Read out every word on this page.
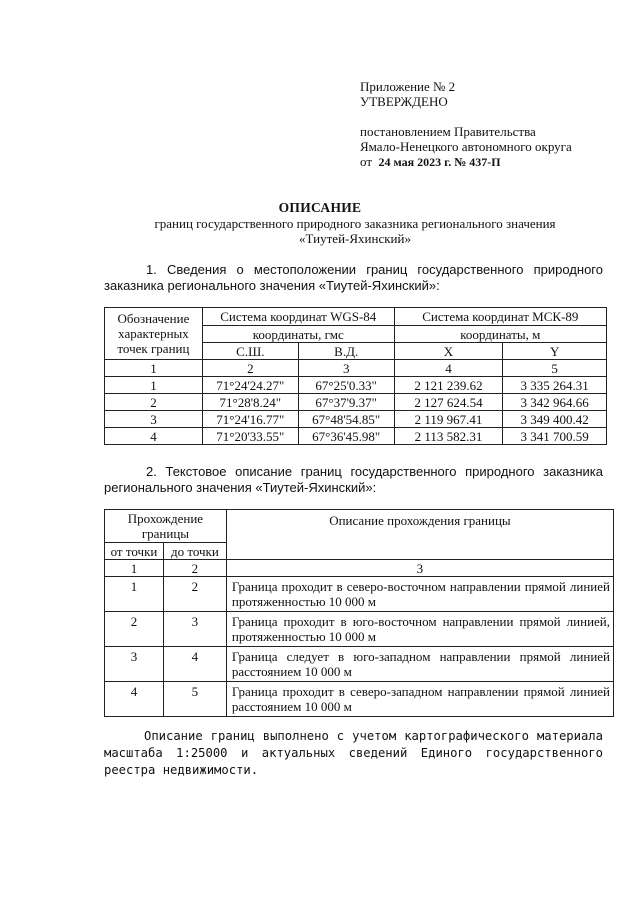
Приложение № 2
УТВЕРЖДЕНО
постановлением Правительства
Ямало-Ненецкого автономного округа
от 24 мая 2023 г. № 437-П
ОПИСАНИЕ
границ государственного природного заказника регионального значения
«Тиутей-Яхинский»
1. Сведения о местоположении границ государственного природного заказника регионального значения «Тиутей-Яхинский»:
Обозначение характерных точек границ	Система координат WGS-84		Система координат МСК-89	
	координаты, гмс		координаты, м	
	С.Ш.	В.Д.	X	Y
1	2	3	4	5
1	71°24'24.27"	67°25'0.33"	2 121 239.62	3 335 264.31
2	71°28'8.24"	67°37'9.37"	2 127 624.54	3 342 964.66
3	71°24'16.77"	67°48'54.85"	2 119 967.41	3 349 400.42
4	71°20'33.55"	67°36'45.98"	2 113 582.31	3 341 700.59
2. Текстовое описание границ государственного природного заказника регионального значения «Тиутей-Яхинский»:
Прохождение границы		Описание прохождения границы
от точки	до точки	
1	2	3
1	2	Граница проходит в северо-восточном направлении прямой линией протяженностью 10 000 м
2	3	Граница проходит в юго-восточном направлении прямой линией, протяженностью 10 000 м
3	4	Граница следует в юго-западном направлении прямой линией расстоянием 10 000 м
4	5	Граница проходит в северо-западном направлении прямой линией расстоянием 10 000 м
Описание границ выполнено с учетом картографического материала масштаба 1:25000 и актуальных сведений Единого государственного реестра недвижимости.
